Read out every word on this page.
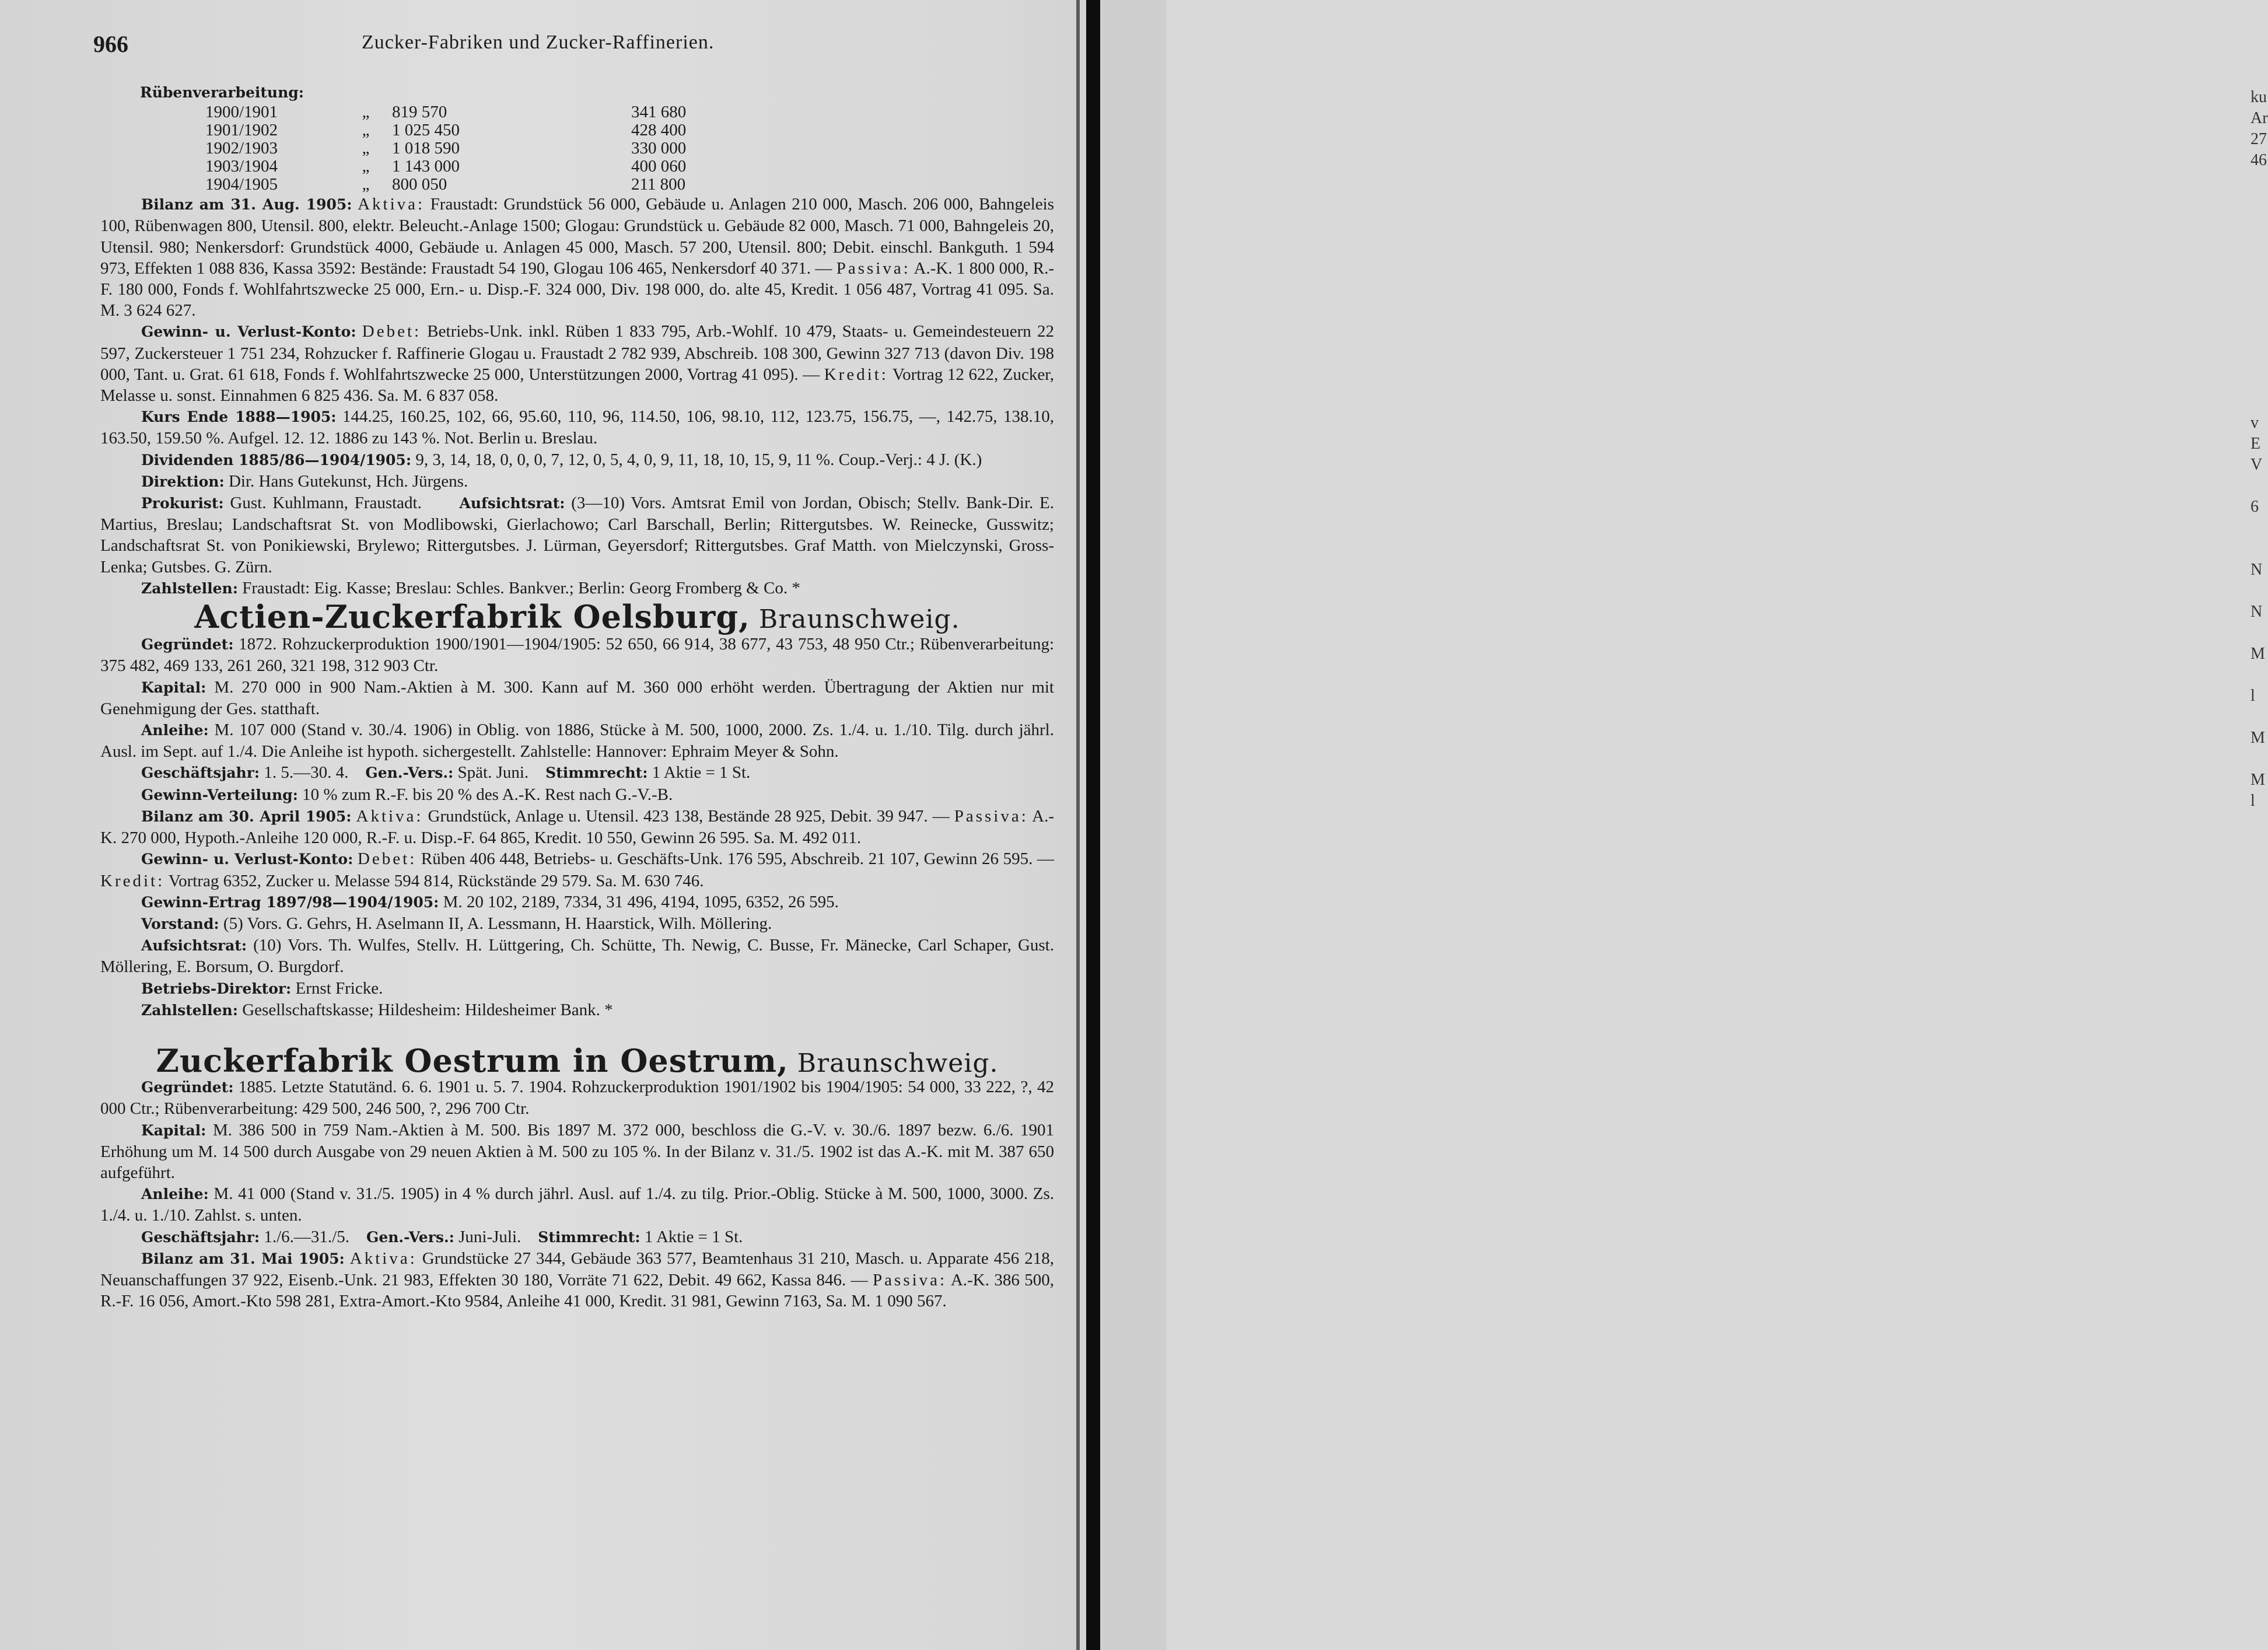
ku
Ar
27
46
v
E
V
6
N
N
M
l
M
M
l
966	Zucker-Fabriken und Zucker-Raffinerien.
Rübenverarbeitung:
1900/1901	„	819 570		341 680
1901/1902	„	1 025 450		428 400
1902/1903	„	1 018 590		330 000
1903/1904	„	1 143 000		400 060
1904/1905	„	800 050		211 800

Bilanz am 31. Aug. 1905: Aktiva: Fraustadt: Grundstück 56 000, Gebäude u. Anlagen 210 000, Masch. 206 000, Bahngeleis 100, Rübenwagen 800, Utensil. 800, elektr. Beleucht.-Anlage 1500; Glogau: Grundstück u. Gebäude 82 000, Masch. 71 000, Bahngeleis 20, Utensil. 980; Nenkersdorf: Grundstück 4000, Gebäude u. Anlagen 45 000, Masch. 57 200, Utensil. 800; Debit. einschl. Bankguth. 1 594 973, Effekten 1 088 836, Kassa 3592: Bestände: Fraustadt 54 190, Glogau 106 465, Nenkersdorf 40 371. — Passiva: A.-K. 1 800 000, R.-F. 180 000, Fonds f. Wohlfahrtszwecke 25 000, Ern.- u. Disp.-F. 324 000, Div. 198 000, do. alte 45, Kredit. 1 056 487, Vortrag 41 095. Sa. M. 3 624 627.

Gewinn- u. Verlust-Konto: Debet: Betriebs-Unk. inkl. Rüben 1 833 795, Arb.-Wohlf. 10 479, Staats- u. Gemeindesteuern 22 597, Zuckersteuer 1 751 234, Rohzucker f. Raffinerie Glogau u. Fraustadt 2 782 939, Abschreib. 108 300, Gewinn 327 713 (davon Div. 198 000, Tant. u. Grat. 61 618, Fonds f. Wohlfahrtszwecke 25 000, Unterstützungen 2000, Vortrag 41 095). — Kredit: Vortrag 12 622, Zucker, Melasse u. sonst. Einnahmen 6 825 436. Sa. M. 6 837 058.

Kurs Ende 1888—1905: 144.25, 160.25, 102, 66, 95.60, 110, 96, 114.50, 106, 98.10, 112, 123.75, 156.75, —, 142.75, 138.10, 163.50, 159.50 %. Aufgel. 12. 12. 1886 zu 143 %. Not. Berlin u. Breslau.

Dividenden 1885/86—1904/1905: 9, 3, 14, 18, 0, 0, 0, 7, 12, 0, 5, 4, 0, 9, 11, 18, 10, 15, 9, 11 %. Coup.-Verj.: 4 J. (K.)

Direktion: Dir. Hans Gutekunst, Hch. Jürgens.

Prokurist: Gust. Kuhlmann, Fraustadt.	Aufsichtsrat: (3—10) Vors. Amtsrat Emil von Jordan, Obisch; Stellv. Bank-Dir. E. Martius, Breslau; Landschaftsrat St. von Modlibowski, Gierlachowo; Carl Barschall, Berlin; Rittergutsbes. W. Reinecke, Gusswitz; Landschaftsrat St. von Ponikiewski, Brylewo; Rittergutsbes. J. Lürman, Geyersdorf; Rittergutsbes. Graf Matth. von Mielczynski, Gross-Lenka; Gutsbes. G. Zürn.

Zahlstellen: Fraustadt: Eig. Kasse; Breslau: Schles. Bankver.; Berlin: Georg Fromberg & Co. *

Actien-Zuckerfabrik Oelsburg, Braunschweig.

Gegründet: 1872. Rohzuckerproduktion 1900/1901—1904/1905: 52 650, 66 914, 38 677, 43 753, 48 950 Ctr.; Rübenverarbeitung: 375 482, 469 133, 261 260, 321 198, 312 903 Ctr.

Kapital: M. 270 000 in 900 Nam.-Aktien à M. 300. Kann auf M. 360 000 erhöht werden. Übertragung der Aktien nur mit Genehmigung der Ges. statthaft.

Anleihe: M. 107 000 (Stand v. 30./4. 1906) in Oblig. von 1886, Stücke à M. 500, 1000, 2000. Zs. 1./4. u. 1./10. Tilg. durch jährl. Ausl. im Sept. auf 1./4. Die Anleihe ist hypoth. sichergestellt. Zahlstelle: Hannover: Ephraim Meyer & Sohn.

Geschäftsjahr: 1. 5.—30. 4. Gen.-Vers.: Spät. Juni. Stimmrecht: 1 Aktie = 1 St.

Gewinn-Verteilung: 10 % zum R.-F. bis 20 % des A.-K. Rest nach G.-V.-B.

Bilanz am 30. April 1905: Aktiva: Grundstück, Anlage u. Utensil. 423 138, Bestände 28 925, Debit. 39 947. — Passiva: A.-K. 270 000, Hypoth.-Anleihe 120 000, R.-F. u. Disp.-F. 64 865, Kredit. 10 550, Gewinn 26 595. Sa. M. 492 011.

Gewinn- u. Verlust-Konto: Debet: Rüben 406 448, Betriebs- u. Geschäfts-Unk. 176 595, Abschreib. 21 107, Gewinn 26 595. — Kredit: Vortrag 6352, Zucker u. Melasse 594 814, Rückstände 29 579. Sa. M. 630 746.

Gewinn-Ertrag 1897/98—1904/1905: M. 20 102, 2189, 7334, 31 496, 4194, 1095, 6352, 26 595.

Vorstand: (5) Vors. G. Gehrs, H. Aselmann II, A. Lessmann, H. Haarstick, Wilh. Möllering.

Aufsichtsrat: (10) Vors. Th. Wulfes, Stellv. H. Lüttgering, Ch. Schütte, Th. Newig, C. Busse, Fr. Mänecke, Carl Schaper, Gust. Möllering, E. Borsum, O. Burgdorf.

Betriebs-Direktor: Ernst Fricke.

Zahlstellen: Gesellschaftskasse; Hildesheim: Hildesheimer Bank. *

Zuckerfabrik Oestrum in Oestrum, Braunschweig.

Gegründet: 1885. Letzte Statutänd. 6. 6. 1901 u. 5. 7. 1904. Rohzuckerproduktion 1901/1902 bis 1904/1905: 54 000, 33 222, ?, 42 000 Ctr.; Rübenverarbeitung: 429 500, 246 500, ?, 296 700 Ctr.

Kapital: M. 386 500 in 759 Nam.-Aktien à M. 500. Bis 1897 M. 372 000, beschloss die G.-V. v. 30./6. 1897 bezw. 6./6. 1901 Erhöhung um M. 14 500 durch Ausgabe von 29 neuen Aktien à M. 500 zu 105 %. In der Bilanz v. 31./5. 1902 ist das A.-K. mit M. 387 650 aufgeführt.

Anleihe: M. 41 000 (Stand v. 31./5. 1905) in 4 % durch jährl. Ausl. auf 1./4. zu tilg. Prior.-Oblig. Stücke à M. 500, 1000, 3000. Zs. 1./4. u. 1./10. Zahlst. s. unten.

Geschäftsjahr: 1./6.—31./5. Gen.-Vers.: Juni-Juli. Stimmrecht: 1 Aktie = 1 St.

Bilanz am 31. Mai 1905: Aktiva: Grundstücke 27 344, Gebäude 363 577, Beamtenhaus 31 210, Masch. u. Apparate 456 218, Neuanschaffungen 37 922, Eisenb.-Unk. 21 983, Effekten 30 180, Vorräte 71 622, Debit. 49 662, Kassa 846. — Passiva: A.-K. 386 500, R.-F. 16 056, Amort.-Kto 598 281, Extra-Amort.-Kto 9584, Anleihe 41 000, Kredit. 31 981, Gewinn 7163, Sa. M. 1 090 567.
